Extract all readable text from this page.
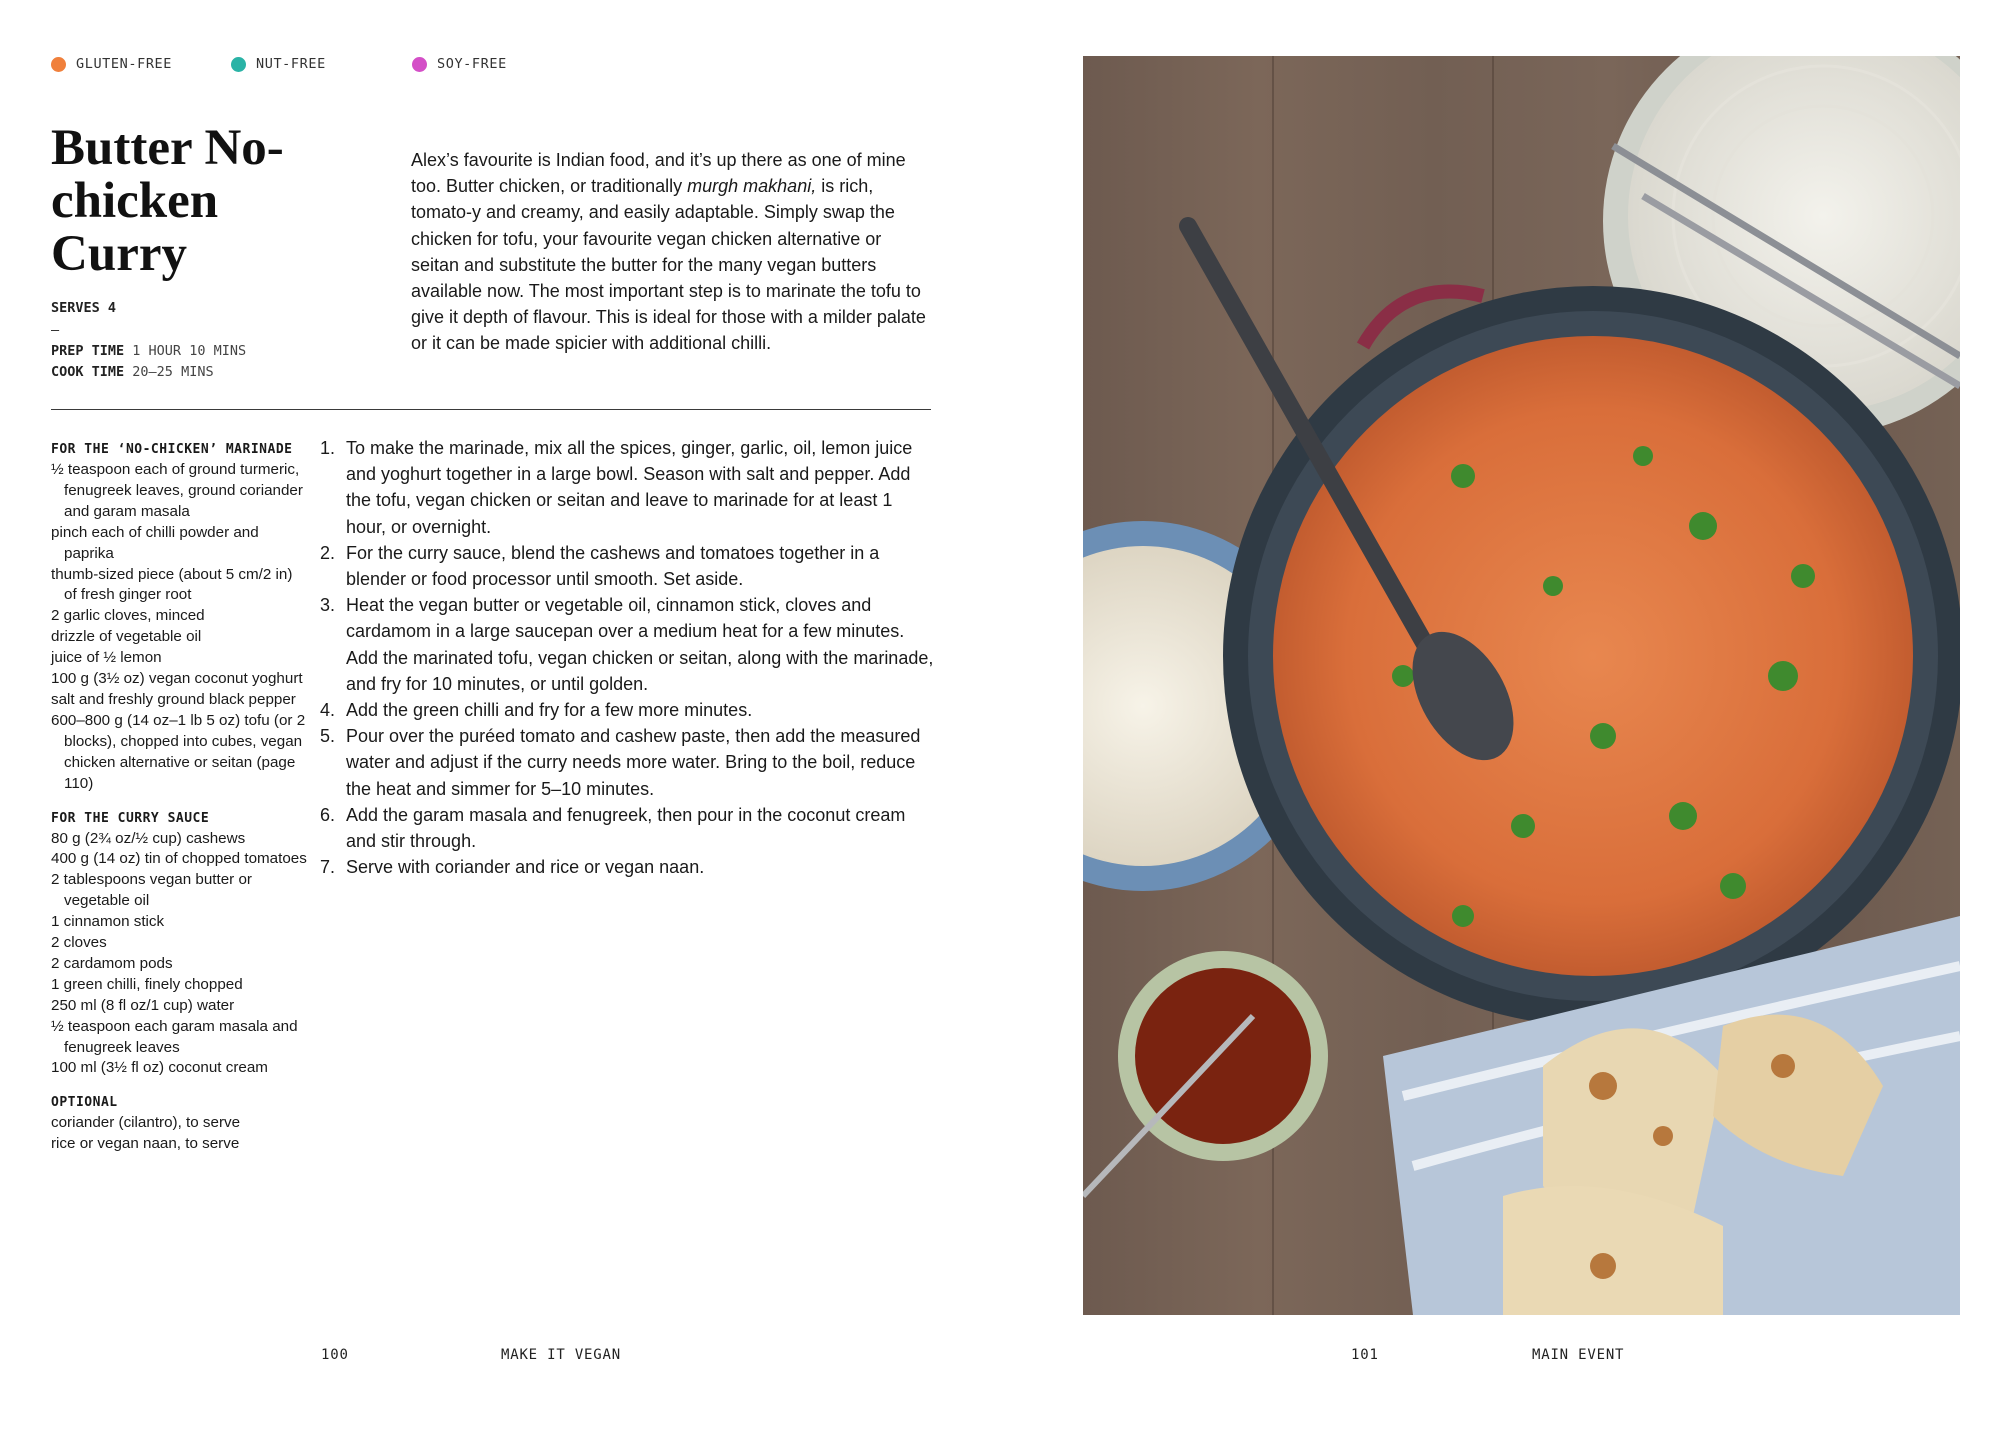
GLUTEN-FREE	NUT-FREE	SOY-FREE
Butter No-chicken Curry
SERVES 4
–
PREP TIME 1 HOUR 10 MINS
COOK TIME 20–25 MINS

Alex’s favourite is Indian food, and it’s up there as one of mine too. Butter chicken, or traditionally murgh makhani, is rich, tomato-y and creamy, and easily adaptable. Simply swap the chicken for tofu, your favourite vegan chicken alternative or seitan and substitute the butter for the many vegan butters available now. The most important step is to marinate the tofu to give it depth of flavour. This is ideal for those with a milder palate or it can be made spicier with additional chilli.

FOR THE ‘NO-CHICKEN’ MARINADE
½ teaspoon each of ground turmeric, fenugreek leaves, ground coriander and garam masala
pinch each of chilli powder and paprika
thumb-sized piece (about 5 cm/2 in) of fresh ginger root
2 garlic cloves, minced
drizzle of vegetable oil
juice of ½ lemon
100 g (3½ oz) vegan coconut yoghurt
salt and freshly ground black pepper
600–800 g (14 oz–1 lb 5 oz) tofu (or 2 blocks), chopped into cubes, vegan chicken alternative or seitan (page 110)
FOR THE CURRY SAUCE
80 g (2¾ oz/½ cup) cashews
400 g (14 oz) tin of chopped tomatoes
2 tablespoons vegan butter or vegetable oil
1 cinnamon stick
2 cloves
2 cardamom pods
1 green chilli, finely chopped
250 ml (8 fl oz/1 cup) water
½ teaspoon each garam masala and fenugreek leaves
100 ml (3½ fl oz) coconut cream
OPTIONAL
coriander (cilantro), to serve
rice or vegan naan, to serve
1. To make the marinade, mix all the spices, ginger, garlic, oil, lemon juice and yoghurt together in a large bowl. Season with salt and pepper. Add the tofu, vegan chicken or seitan and leave to marinade for at least 1 hour, or overnight.
2. For the curry sauce, blend the cashews and tomatoes together in a blender or food processor until smooth. Set aside.
3. Heat the vegan butter or vegetable oil, cinnamon stick, cloves and cardamom in a large saucepan over a medium heat for a few minutes. Add the marinated tofu, vegan chicken or seitan, along with the marinade, and fry for 10 minutes, or until golden.
4. Add the green chilli and fry for a few more minutes.
5. Pour over the puréed tomato and cashew paste, then add the measured water and adjust if the curry needs more water. Bring to the boil, reduce the heat and simmer for 5–10 minutes.
6. Add the garam masala and fenugreek, then pour in the coconut cream and stir through.
7. Serve with coriander and rice or vegan naan.
100	MAKE IT VEGAN	101	MAIN EVENT
